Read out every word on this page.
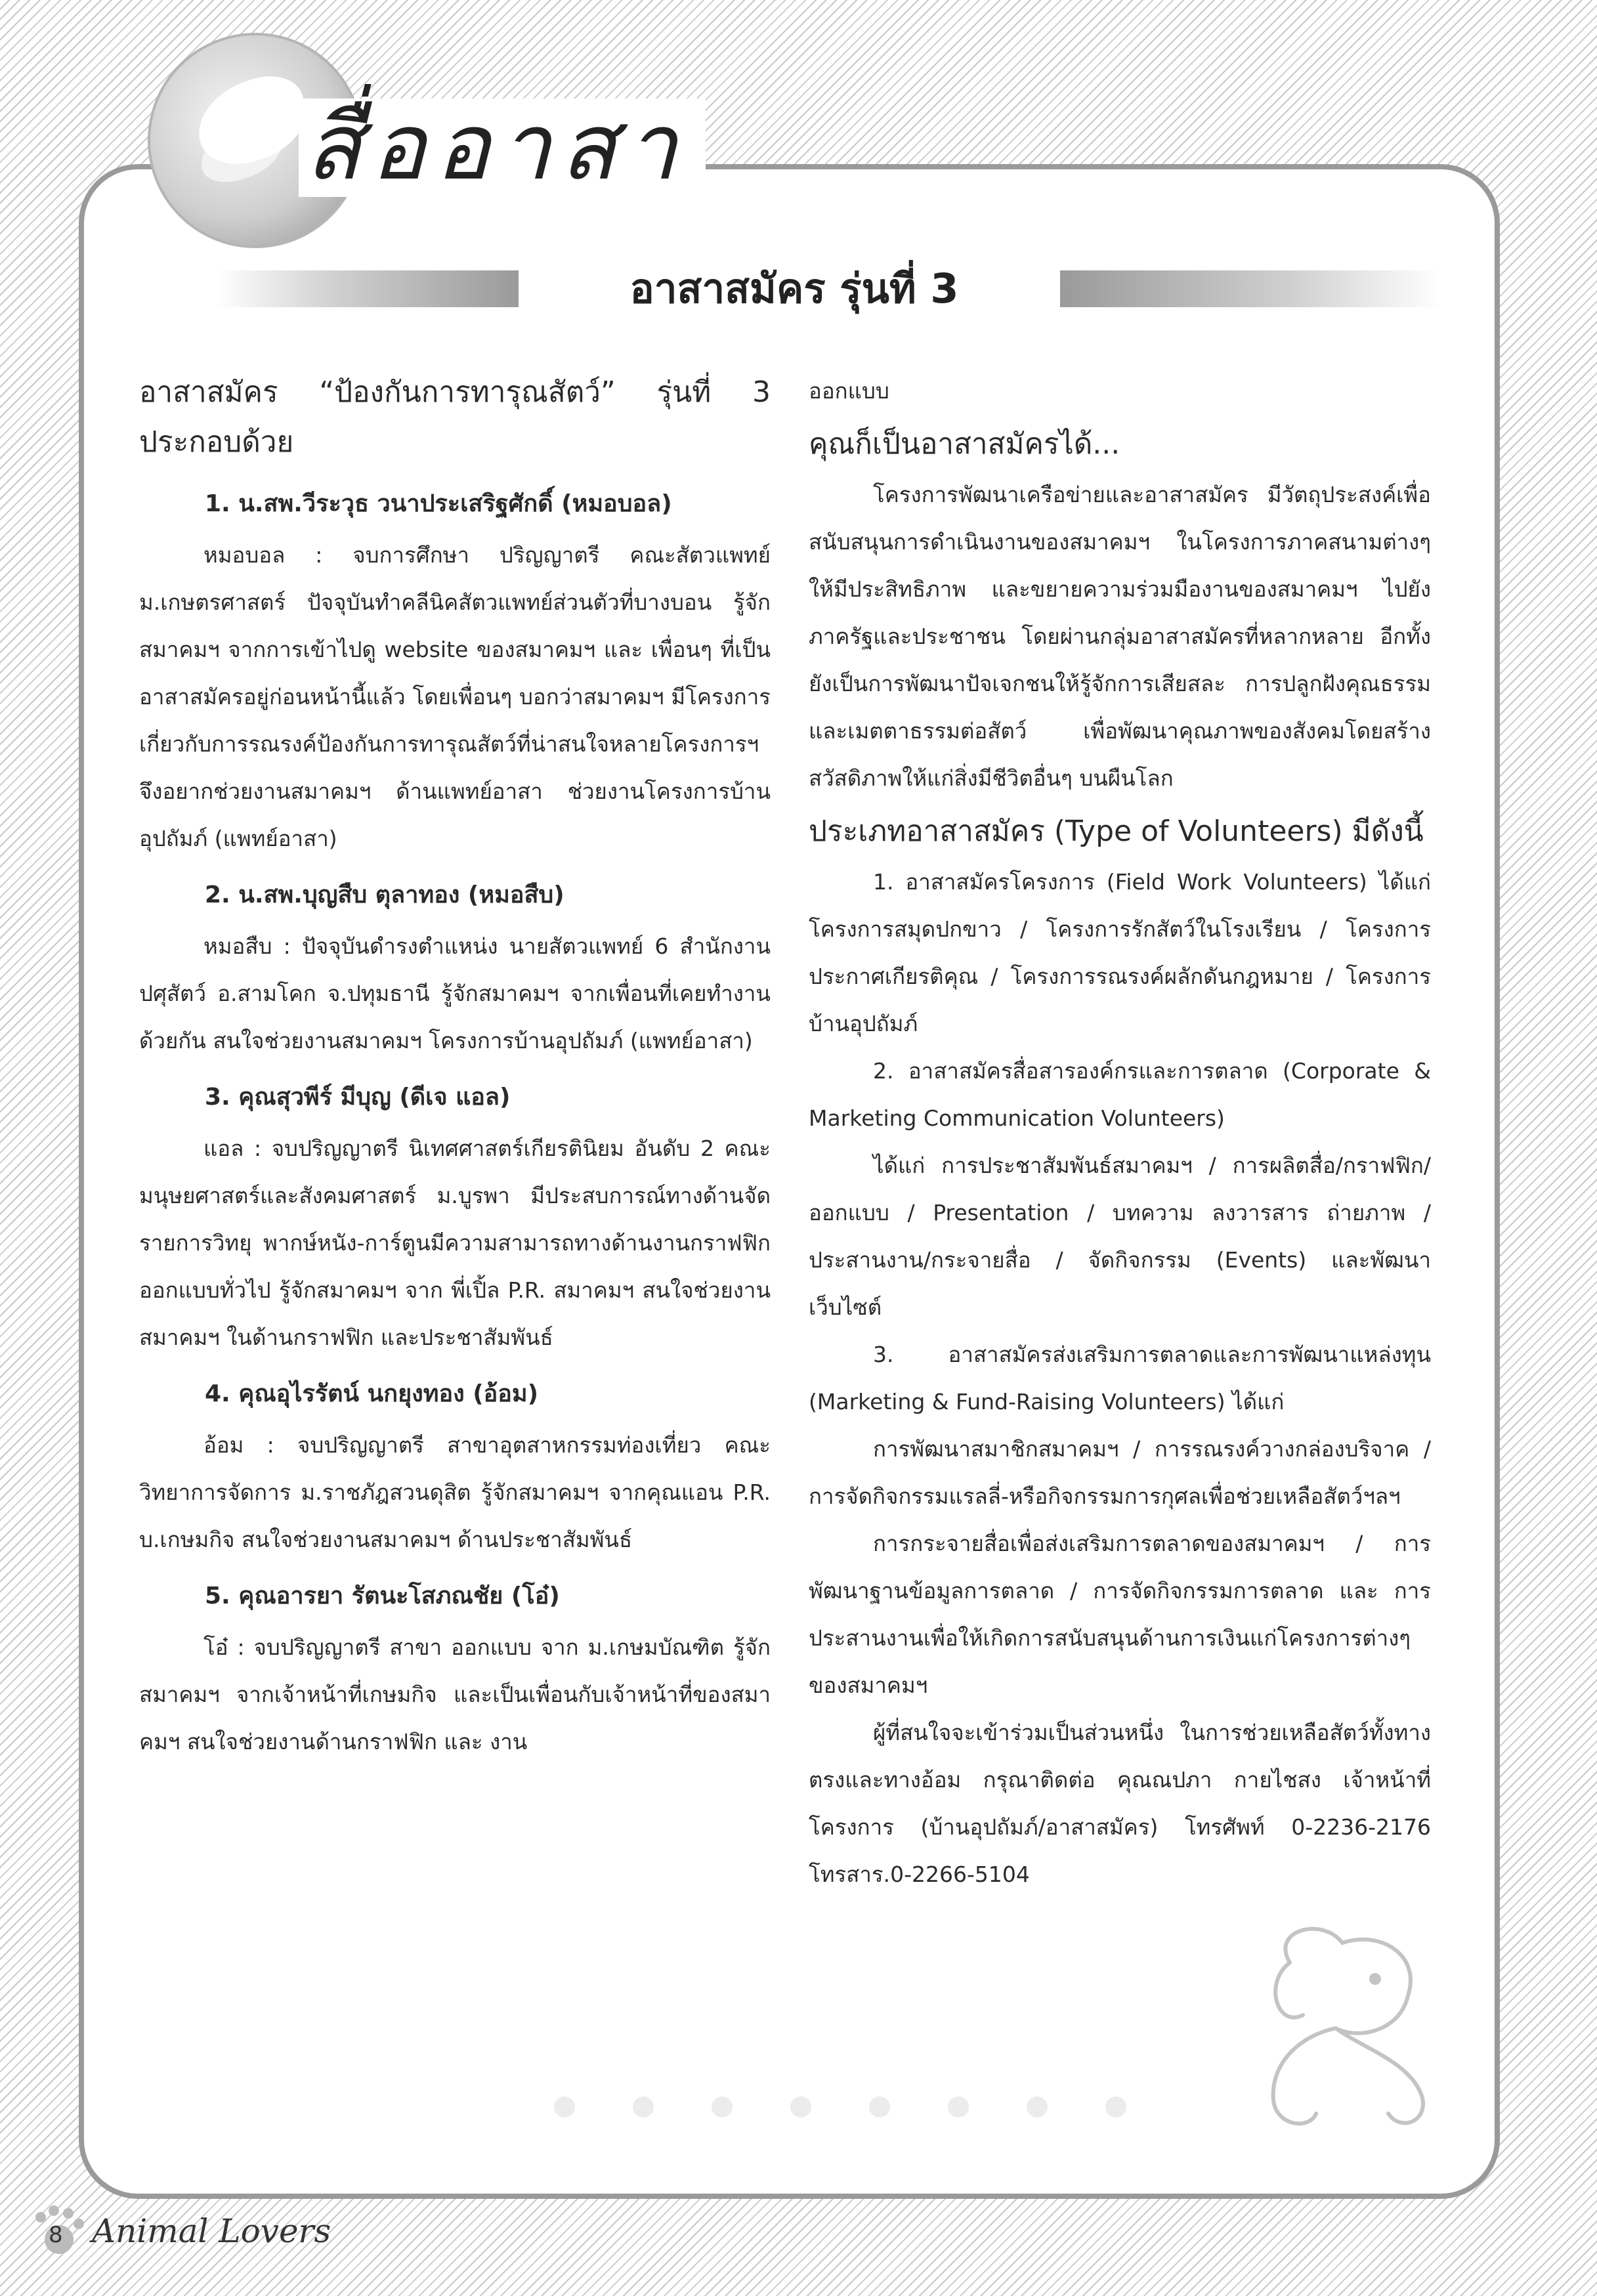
สื่ออาสา
อาสาสมัคร รุ่นที่ 3

อาสาสมัคร “ป้องกันการทารุณสัตว์” รุ่นที่ 3 ประกอบด้วย

1. น.สพ.วีระวุธ วนาประเสริฐศักดิ์ (หมอบอล)

หมอบอล : จบการศึกษา ปริญญาตรี คณะสัตวแพทย์ ม.เกษตรศาสตร์ ปัจจุบันทำคลีนิคสัตวแพทย์ส่วนตัวที่บางบอน รู้จักสมาคมฯ จากการเข้าไปดู website ของสมาคมฯ และ เพื่อนๆ ที่เป็นอาสาสมัครอยู่ก่อนหน้านี้แล้ว โดยเพื่อนๆ บอกว่าสมาคมฯ มีโครงการเกี่ยวกับการรณรงค์ป้องกันการทารุณสัตว์ที่น่าสนใจหลายโครงการฯ จึงอยากช่วยงานสมาคมฯ ด้านแพทย์อาสา ช่วยงานโครงการบ้านอุปถัมภ์ (แพทย์อาสา)

2. น.สพ.บุญสืบ ตุลาทอง (หมอสืบ)

หมอสืบ : ปัจจุบันดำรงตำแหน่ง นายสัตวแพทย์ 6 สำนักงานปศุสัตว์ อ.สามโคก จ.ปทุมธานี รู้จักสมาคมฯ จากเพื่อนที่เคยทำงานด้วยกัน สนใจช่วยงานสมาคมฯ โครงการบ้านอุปถัมภ์ (แพทย์อาสา)

3. คุณสุวพีร์ มีบุญ (ดีเจ แอล)

แอล : จบปริญญาตรี นิเทศศาสตร์เกียรตินิยม อันดับ 2 คณะมนุษยศาสตร์และสังคมศาสตร์ ม.บูรพา มีประสบการณ์ทางด้านจัดรายการวิทยุ พากษ์หนัง-การ์ตูนมีความสามารถทางด้านงานกราฟฟิก ออกแบบทั่วไป รู้จักสมาคมฯ จาก พี่เปิ้ล P.R. สมาคมฯ สนใจช่วยงานสมาคมฯ ในด้านกราฟฟิก และประชาสัมพันธ์

4. คุณอุไรรัตน์ นกยุงทอง (อ้อม)

อ้อม : จบปริญญาตรี สาขาอุตสาหกรรมท่องเที่ยว คณะวิทยาการจัดการ ม.ราชภัฎสวนดุสิต รู้จักสมาคมฯ จากคุณแอน P.R. บ.เกษมกิจ สนใจช่วยงานสมาคมฯ ด้านประชาสัมพันธ์

5. คุณอารยา รัตนะโสภณชัย (โอ๋)

โอ๋ : จบปริญญาตรี สาขา ออกแบบ จาก ม.เกษมบัณฑิต รู้จักสมาคมฯ จากเจ้าหน้าที่เกษมกิจ และเป็นเพื่อนกับเจ้าหน้าที่ของสมาคมฯ สนใจช่วยงานด้านกราฟฟิก และ งาน

ออกแบบ

คุณก็เป็นอาสาสมัครได้...

โครงการพัฒนาเครือข่ายและอาสาสมัคร มีวัตถุประสงค์เพื่อสนับสนุนการดำเนินงานของสมาคมฯ ในโครงการภาคสนามต่างๆ ให้มีประสิทธิภาพ และขยายความร่วมมืองานของสมาคมฯ ไปยังภาครัฐและประชาชน โดยผ่านกลุ่มอาสาสมัครที่หลากหลาย อีกทั้งยังเป็นการพัฒนาปัจเจกชนให้รู้จักการเสียสละ การปลูกฝังคุณธรรมและเมตตาธรรมต่อสัตว์ เพื่อพัฒนาคุณภาพของสังคมโดยสร้างสวัสดิภาพให้แก่สิ่งมีชีวิตอื่นๆ บนผืนโลก

ประเภทอาสาสมัคร (Type of Volunteers) มีดังนี้

1. อาสาสมัครโครงการ (Field Work Volunteers) ได้แก่ โครงการสมุดปกขาว / โครงการรักสัตว์ในโรงเรียน / โครงการประกาศเกียรติคุณ / โครงการรณรงค์ผลักดันกฎหมาย / โครงการบ้านอุปถัมภ์

2. อาสาสมัครสื่อสารองค์กรและการตลาด (Corporate & Marketing Communication Volunteers)

ได้แก่ การประชาสัมพันธ์สมาคมฯ / การผลิตสื่อ/กราฟฟิก/ออกแบบ / Presentation / บทความ ลงวารสาร ถ่ายภาพ / ประสานงาน/กระจายสื่อ / จัดกิจกรรม (Events) และพัฒนาเว็บไซต์

3. อาสาสมัครส่งเสริมการตลาดและการพัฒนาแหล่งทุน (Marketing & Fund-Raising Volunteers) ได้แก่

การพัฒนาสมาชิกสมาคมฯ / การรณรงค์วางกล่องบริจาค / การจัดกิจกรรมแรลลี่-หรือกิจกรรมการกุศลเพื่อช่วยเหลือสัตว์ฯลฯ

การกระจายสื่อเพื่อส่งเสริมการตลาดของสมาคมฯ / การพัฒนาฐานข้อมูลการตลาด / การจัดกิจกรรมการตลาด และ การประสานงานเพื่อให้เกิดการสนับสนุนด้านการเงินแก่โครงการต่างๆ ของสมาคมฯ

ผู้ที่สนใจจะเข้าร่วมเป็นส่วนหนึ่ง ในการช่วยเหลือสัตว์ทั้งทางตรงและทางอ้อม กรุณาติดต่อ คุณณปภา กายไชสง เจ้าหน้าที่โครงการ (บ้านอุปถัมภ์/อาสาสมัคร) โทรศัพท์ 0-2236-2176 โทรสาร.0-2266-5104

8 Animal Lovers
